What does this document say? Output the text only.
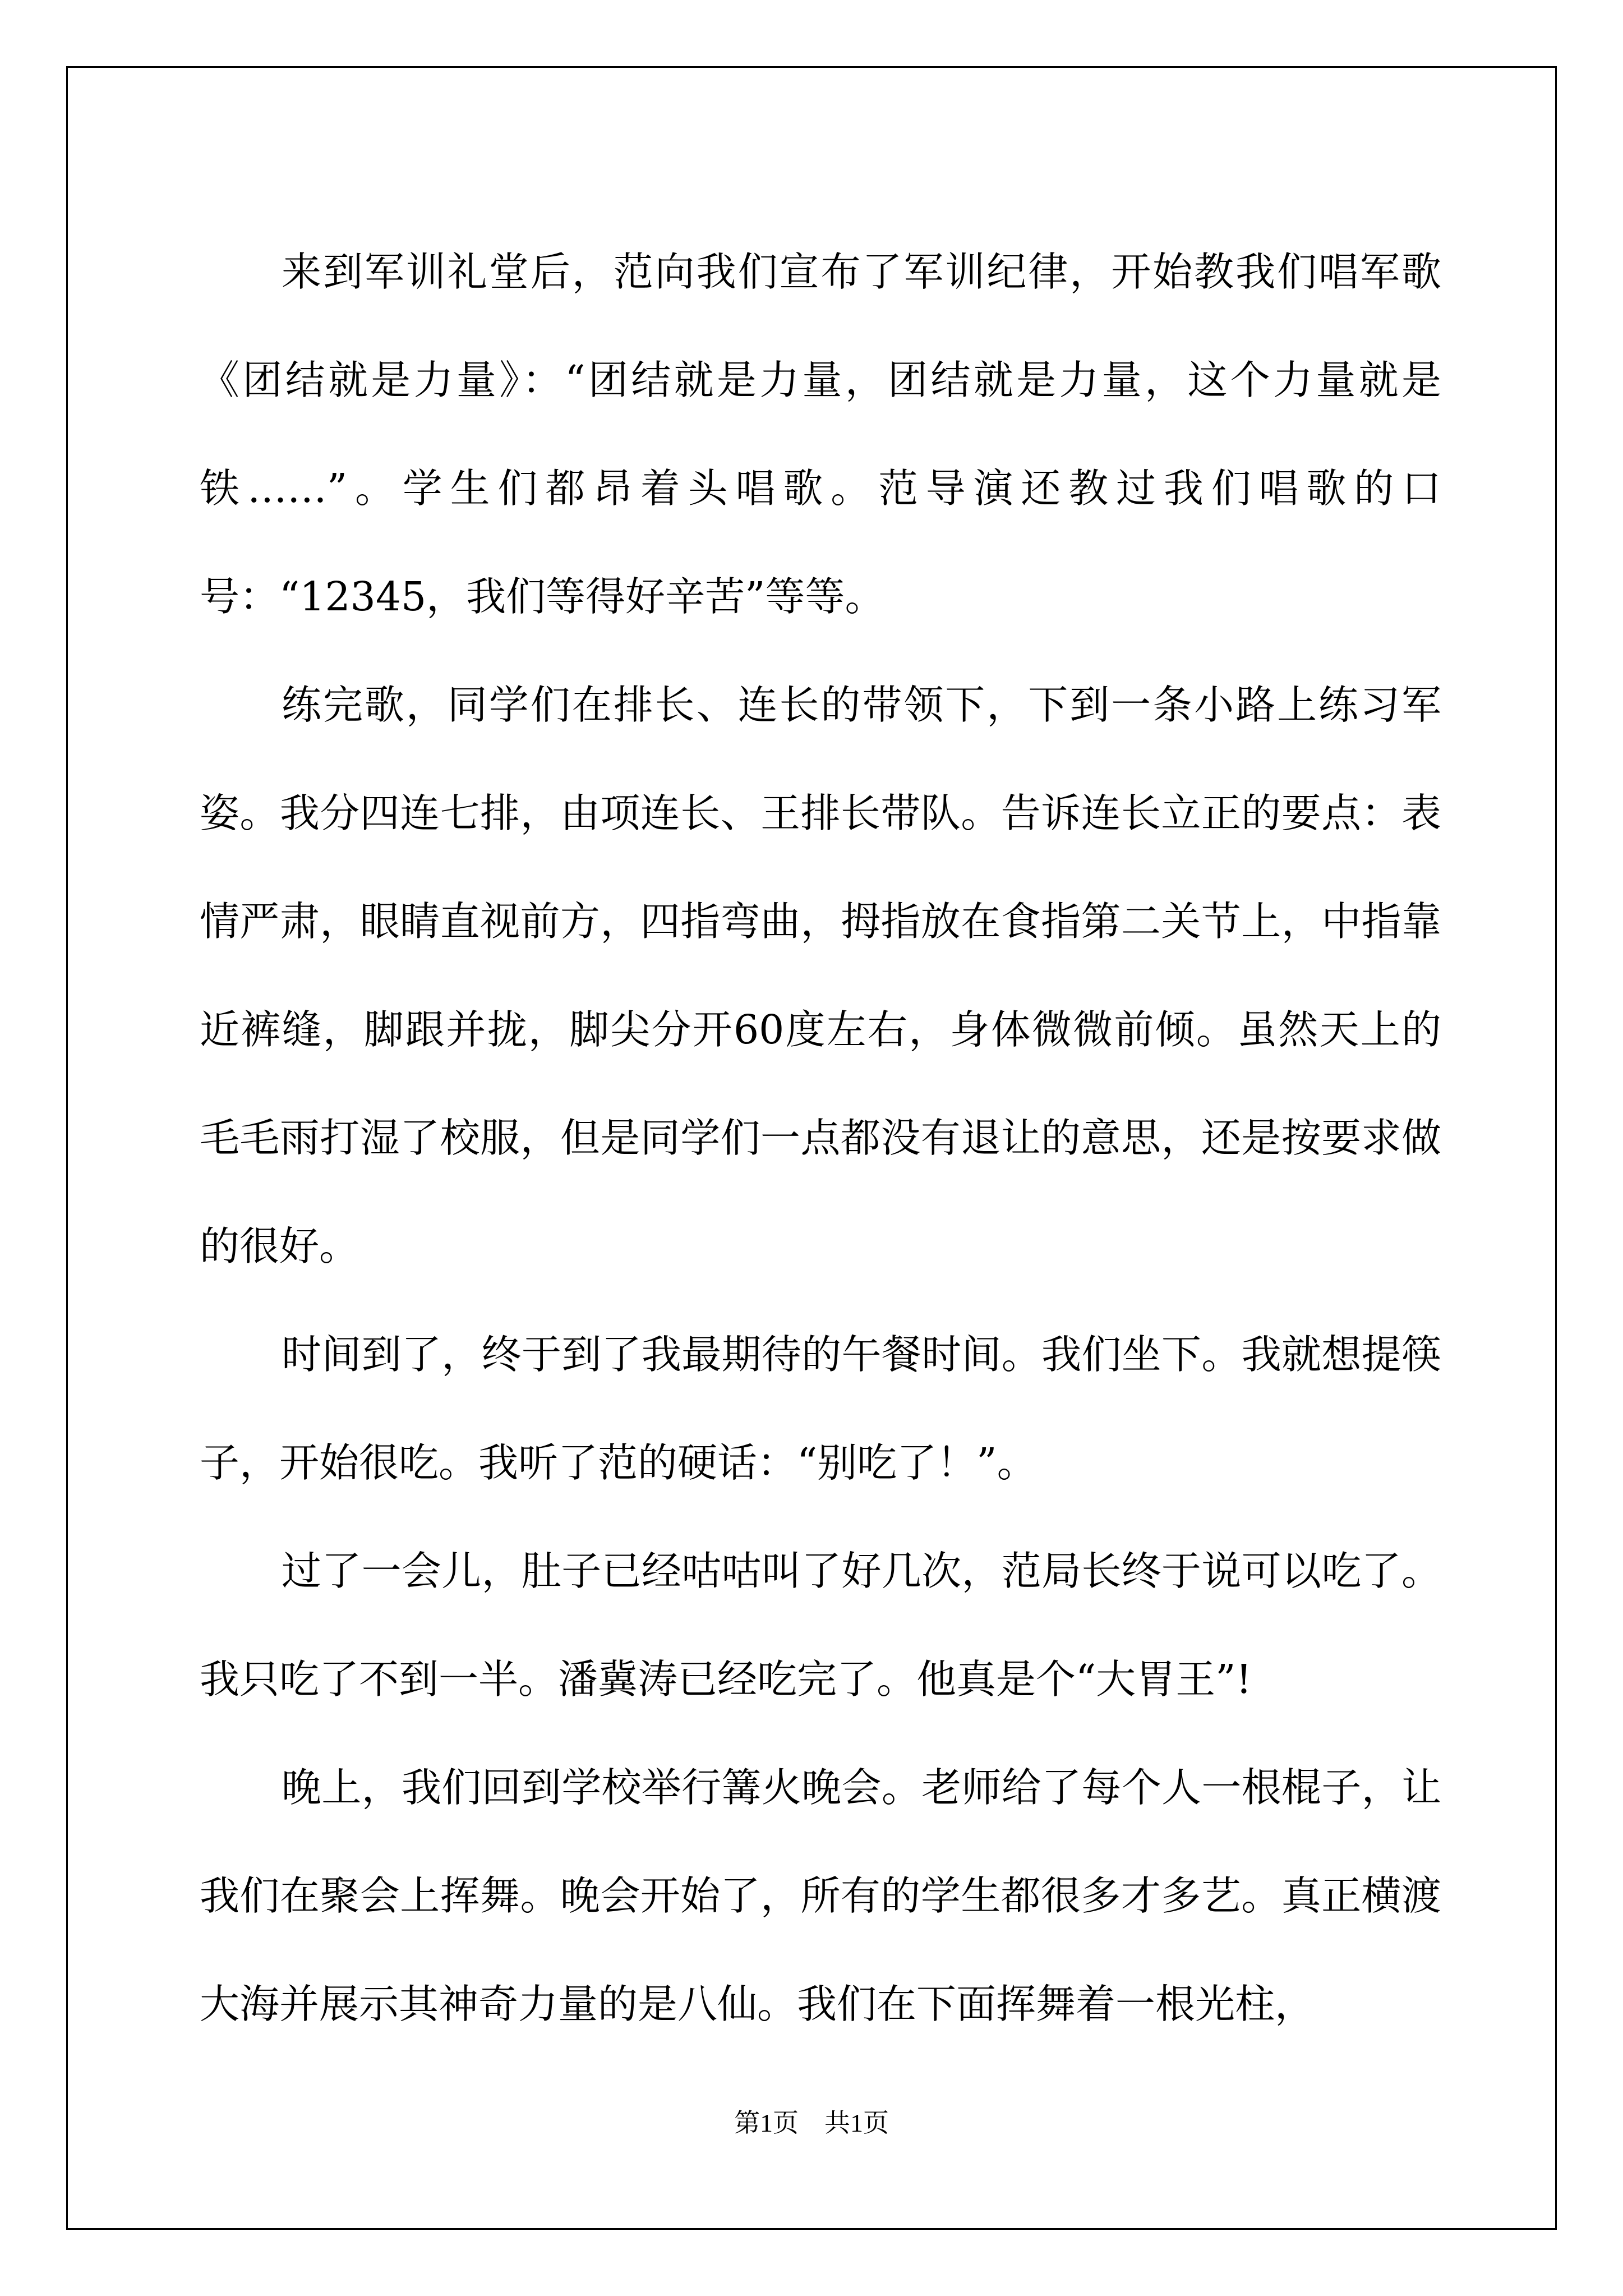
来到军训礼堂后，范向我们宣布了军训纪律，开始教我们唱军歌《团结就是力量》：“团结就是力量，团结就是力量，这个力量就是铁……”。学生们都昂着头唱歌。范导演还教过我们唱歌的口号：“12345，我们等得好辛苦”等等。

练完歌，同学们在排长、连长的带领下，下到一条小路上练习军姿。我分四连七排，由项连长、王排长带队。告诉连长立正的要点：表情严肃，眼睛直视前方，四指弯曲，拇指放在食指第二关节上，中指靠近裤缝，脚跟并拢，脚尖分开60度左右，身体微微前倾。虽然天上的毛毛雨打湿了校服，但是同学们一点都没有退让的意思，还是按要求做的很好。

时间到了，终于到了我最期待的午餐时间。我们坐下。我就想提筷子，开始很吃。我听了范的硬话：“别吃了！”。

过了一会儿，肚子已经咕咕叫了好几次，范局长终于说可以吃了。我只吃了不到一半。潘冀涛已经吃完了。他真是个“大胃王”!

晚上，我们回到学校举行篝火晚会。老师给了每个人一根棍子，让我们在聚会上挥舞。晚会开始了，所有的学生都很多才多艺。真正横渡大海并展示其神奇力量的是八仙。我们在下面挥舞着一根光柱，

第1页 共1页
